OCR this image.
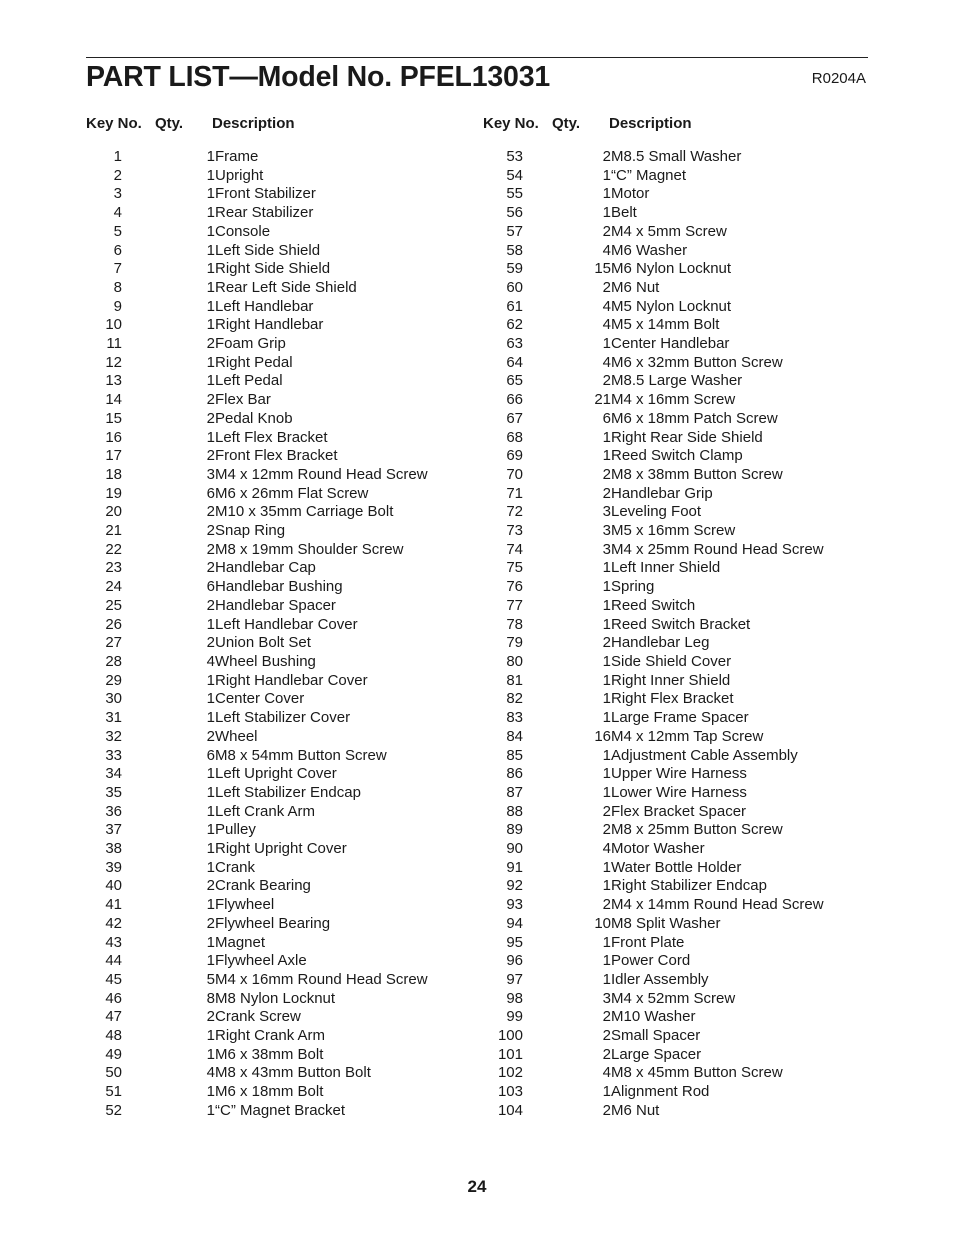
PART LIST—Model No. PFEL13031	R0204A
Key No. Qty. Description	Key No. Qty. Description
1		1	Frame
2		1	Upright
3		1	Front Stabilizer
4		1	Rear Stabilizer
5		1	Console
6		1	Left Side Shield
7		1	Right Side Shield
8		1	Rear Left Side Shield
9		1	Left Handlebar
10		1	Right Handlebar
11		2	Foam Grip
12		1	Right Pedal
13		1	Left Pedal
14		2	Flex Bar
15		2	Pedal Knob
16		1	Left Flex Bracket
17		2	Front Flex Bracket
18		3	M4 x 12mm Round Head Screw
19		6	M6 x 26mm Flat Screw
20		2	M10 x 35mm Carriage Bolt
21		2	Snap Ring
22		2	M8 x 19mm Shoulder Screw
23		2	Handlebar Cap
24		6	Handlebar Bushing
25		2	Handlebar Spacer
26		1	Left Handlebar Cover
27		2	Union Bolt Set
28		4	Wheel Bushing
29		1	Right Handlebar Cover
30		1	Center Cover
31		1	Left Stabilizer Cover
32		2	Wheel
33		6	M8 x 54mm Button Screw
34		1	Left Upright Cover
35		1	Left Stabilizer Endcap
36		1	Left Crank Arm
37		1	Pulley
38		1	Right Upright Cover
39		1	Crank
40		2	Crank Bearing
41		1	Flywheel
42		2	Flywheel Bearing
43		1	Magnet
44		1	Flywheel Axle
45		5	M4 x 16mm Round Head Screw
46		8	M8 Nylon Locknut
47		2	Crank Screw
48		1	Right Crank Arm
49		1	M6 x 38mm Bolt
50		4	M8 x 43mm Button Bolt
51		1	M6 x 18mm Bolt
52		1	“C” Magnet Bracket
53		2	M8.5 Small Washer
54		1	“C” Magnet
55		1	Motor
56		1	Belt
57		2	M4 x 5mm Screw
58		4	M6 Washer
59		15	M6 Nylon Locknut
60		2	M6 Nut
61		4	M5 Nylon Locknut
62		4	M5 x 14mm Bolt
63		1	Center Handlebar
64		4	M6 x 32mm Button Screw
65		2	M8.5 Large Washer
66		21	M4 x 16mm Screw
67		6	M6 x 18mm Patch Screw
68		1	Right Rear Side Shield
69		1	Reed Switch Clamp
70		2	M8 x 38mm Button Screw
71		2	Handlebar Grip
72		3	Leveling Foot
73		3	M5 x 16mm Screw
74		3	M4 x 25mm Round Head Screw
75		1	Left Inner Shield
76		1	Spring
77		1	Reed Switch
78		1	Reed Switch Bracket
79		2	Handlebar Leg
80		1	Side Shield Cover
81		1	Right Inner Shield
82		1	Right Flex Bracket
83		1	Large Frame Spacer
84		16	M4 x 12mm Tap Screw
85		1	Adjustment Cable Assembly
86		1	Upper Wire Harness
87		1	Lower Wire Harness
88		2	Flex Bracket Spacer
89		2	M8 x 25mm Button Screw
90		4	Motor Washer
91		1	Water Bottle Holder
92		1	Right Stabilizer Endcap
93		2	M4 x 14mm Round Head Screw
94		10	M8 Split Washer
95		1	Front Plate
96		1	Power Cord
97		1	Idler Assembly
98		3	M4 x 52mm Screw
99		2	M10 Washer
100		2	Small Spacer
101		2	Large Spacer
102		4	M8 x 45mm Button Screw
103		1	Alignment Rod
104		2	M6 Nut
24
